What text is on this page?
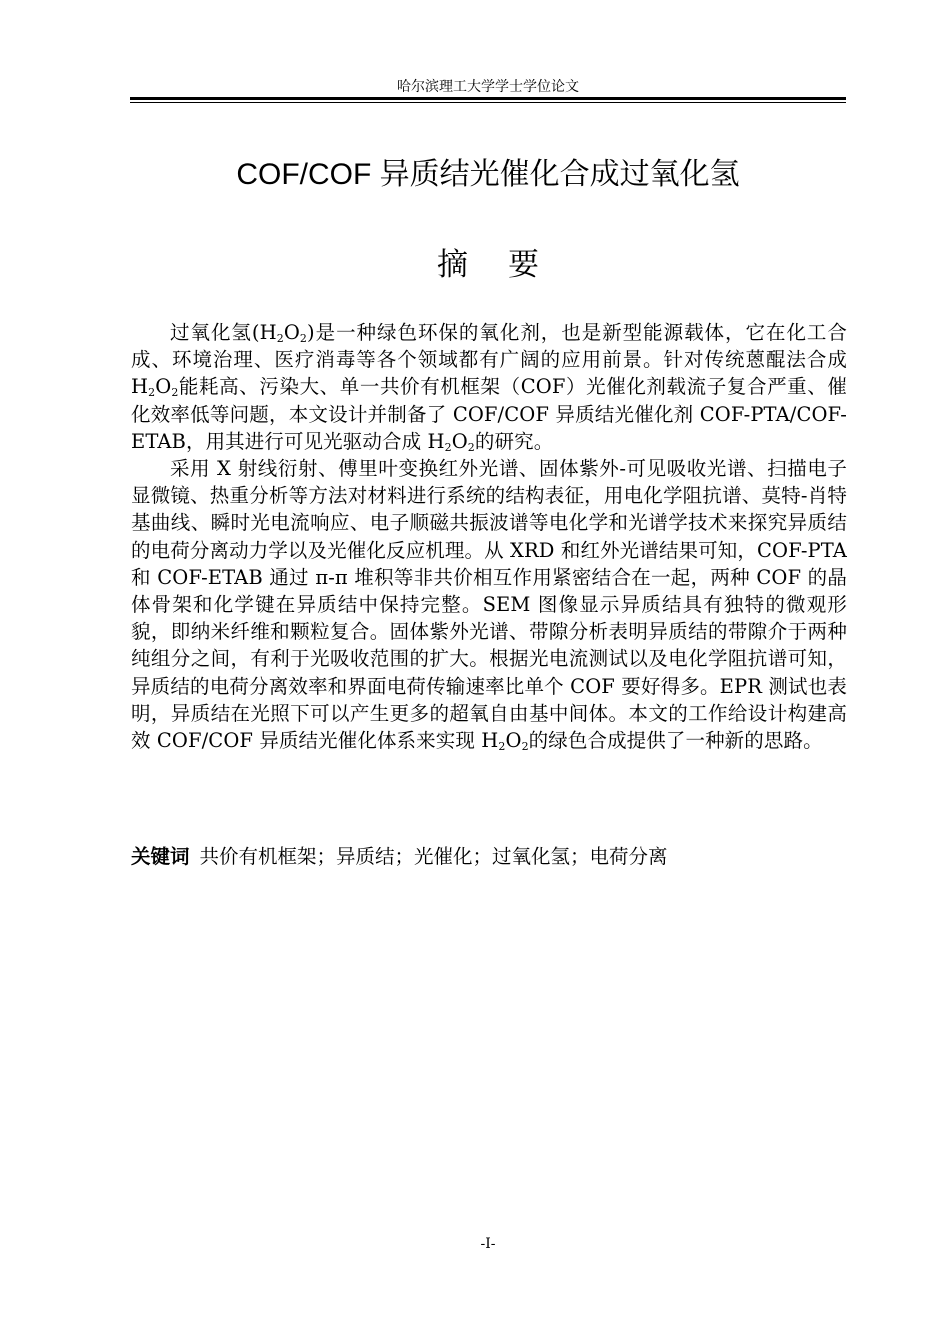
哈尔滨理工大学学士学位论文
COF/COF 异质结光催化合成过氧化氢
摘要

过氧化氢$(H_2O_2)$是一种绿色环保的氧化剂，也是新型能源载体，它在化工合成、环境治理、医疗消毒等各个领域都有广阔的应用前景。针对传统蒽醌法合成 $H_2O_2$能耗高、污染大、单一共价有机框架（COF）光催化剂载流子复合严重、催化效率低等问题，本文设计并制备了 COF/COF 异质结光催化剂 COF-PTA/COF-ETAB，用其进行可见光驱动合成 $H_2O_2$的研究。

采用 X 射线衍射、傅里叶变换红外光谱、固体紫外-可见吸收光谱、扫描电子显微镜、热重分析等方法对材料进行系统的结构表征，用电化学阻抗谱、莫特-肖特基曲线、瞬时光电流响应、电子顺磁共振波谱等电化学和光谱学技术来探究异质结的电荷分离动力学以及光催化反应机理。从 XRD 和红外光谱结果可知，COF-PTA 和 COF-ETAB 通过 π-π 堆积等非共价相互作用紧密结合在一起，两种 COF 的晶体骨架和化学键在异质结中保持完整。SEM 图像显示异质结具有独特的微观形貌，即纳米纤维和颗粒复合。固体紫外光谱、带隙分析表明异质结的带隙介于两种纯组分之间，有利于光吸收范围的扩大。根据光电流测试以及电化学阻抗谱可知，异质结的电荷分离效率和界面电荷传输速率比单个 COF 要好得多。EPR 测试也表明，异质结在光照下可以产生更多的超氧自由基中间体。本文的工作给设计构建高效 COF/COF 异质结光催化体系来实现 $H_2O_2$的绿色合成提供了一种新的思路。

关键词 共价有机框架；异质结；光催化；过氧化氢；电荷分离
-I-
